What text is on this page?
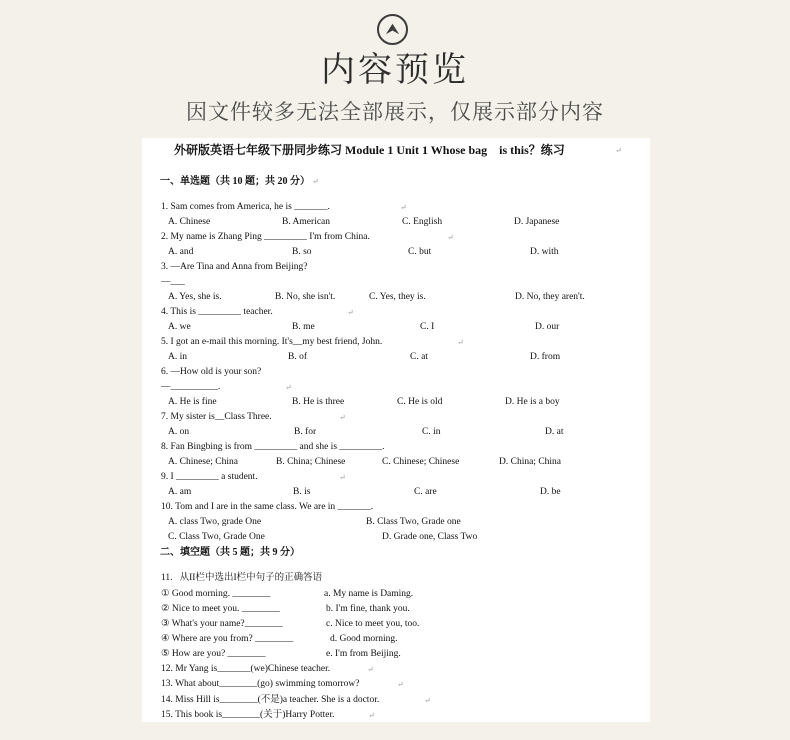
内容预览
因文件较多无法全部展示，仅展示部分内容
外研版英语七年级下册同步练习 Module 1 Unit 1 Whose bag    is this？练习	↵
一、单选题（共 10 题；共 20 分） ↵
1. Sam comes from America, he is _______.	↵
A. Chinese	B. American	C. English	D. Japanese
2. My name is Zhang Ping _________ I'm from China.	↵
A. and	B. so	C. but	D. with
3. —Are Tina and Anna from Beijing?
—___
A. Yes, she is.	B. No, she isn't.	C. Yes, they is.	D. No, they aren't.
4. This is _________ teacher.	↵
A. we	B. me	C. I	D. our
5. I got an e-mail this morning. It's__my best friend, John.	↵
A. in	B. of	C. at	D. from
6. —How old is your son?
—__________.	↵
A. He is fine	B. He is three	C. He is old	D. He is a boy
7. My sister is__Class Three.	↵
A. on	B. for	C. in	D. at
8. Fan Bingbing is from _________ and she is _________.
A. Chinese; China	B. China; Chinese	C. Chinese; Chinese	D. China; China
9. I _________ a student.	↵
A. am	B. is	C. are	D. be
10. Tom and I are in the same class. We are in _______.
A. class Two, grade One	B. Class Two, Grade one
C. Class Two, Grade One	D. Grade one, Class Two
二、填空题（共 5 题；共 9 分）
11.   从II栏中选出I栏中句子的正确答语
① Good morning. ________	a. My name is Daming.
② Nice to meet you. ________	b. I'm fine, thank you.
③ What's your name?________	c. Nice to meet you, too.
④ Where are you from? ________	d. Good morning.
⑤ How are you? ________	e. I'm from Beijing.
12. Mr Yang is_______(we)Chinese teacher.	↵
13. What about________(go) swimming tomorrow?	↵
14. Miss Hill is________(不是)a teacher. She is a doctor.	↵
15. This book is________(关于)Harry Potter.	↵
